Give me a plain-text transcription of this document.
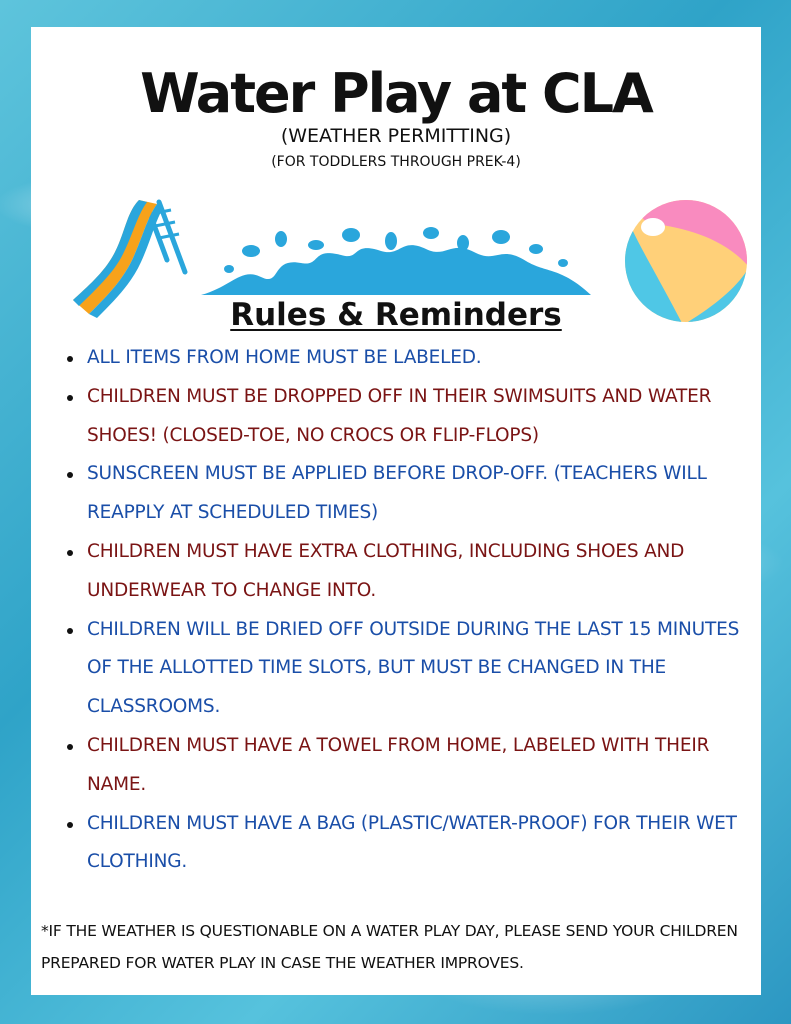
Water Play at CLA
(WEATHER PERMITTING)
(FOR TODDLERS THROUGH PREK-4)
Rules & Reminders
ALL ITEMS FROM HOME MUST BE LABELED.
CHILDREN MUST BE DROPPED OFF IN THEIR SWIMSUITS AND WATER SHOES! (CLOSED-TOE, NO CROCS OR FLIP-FLOPS)
SUNSCREEN MUST BE APPLIED BEFORE DROP-OFF. (TEACHERS WILL REAPPLY AT SCHEDULED TIMES)
CHILDREN MUST HAVE EXTRA CLOTHING, INCLUDING SHOES AND UNDERWEAR TO CHANGE INTO.
CHILDREN WILL BE DRIED OFF OUTSIDE DURING THE LAST 15 MINUTES OF THE ALLOTTED TIME SLOTS, BUT MUST BE CHANGED IN THE CLASSROOMS.
CHILDREN MUST HAVE A TOWEL FROM HOME, LABELED WITH THEIR NAME.
CHILDREN MUST HAVE A BAG (PLASTIC/WATER-PROOF) FOR THEIR WET CLOTHING.
*IF THE WEATHER IS QUESTIONABLE ON A WATER PLAY DAY, PLEASE SEND YOUR CHILDREN PREPARED FOR WATER PLAY IN CASE THE WEATHER IMPROVES.
